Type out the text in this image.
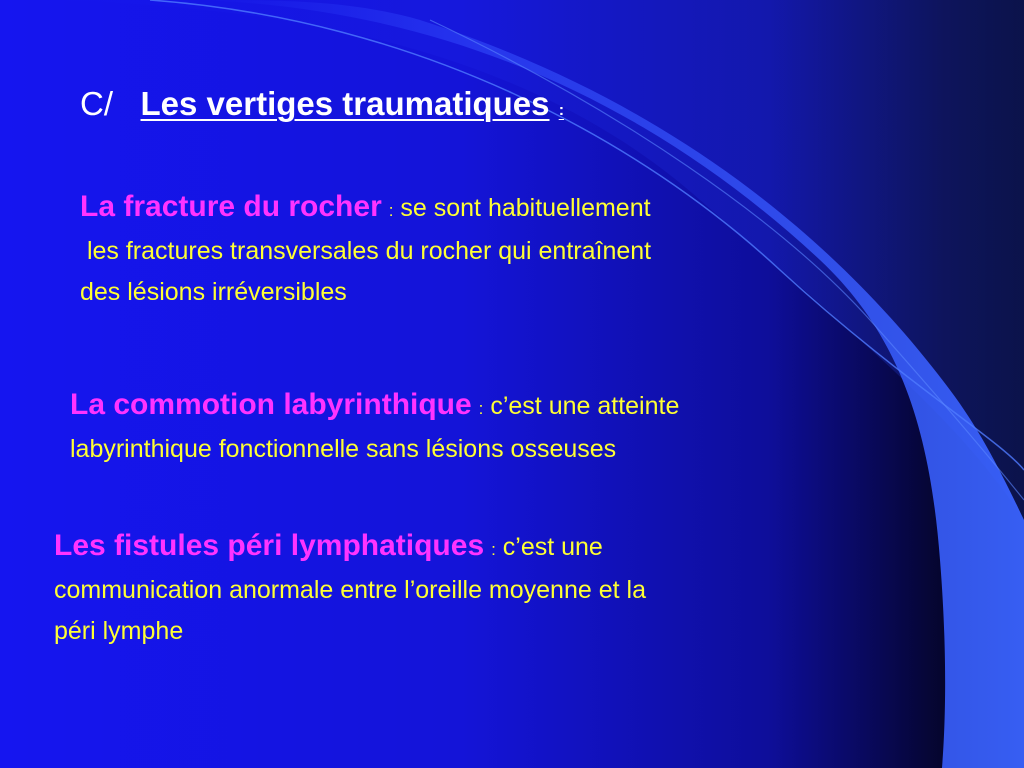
C/ Les vertiges traumatiques :

La fracture du rocher : se sont habituellement
les fractures transversales du rocher qui entraînent
des lésions irréversibles

La commotion labyrinthique : c’est une atteinte
labyrinthique fonctionnelle sans lésions osseuses

Les fistules péri lymphatiques : c’est une
communication anormale entre l’oreille moyenne et la
péri lymphe
